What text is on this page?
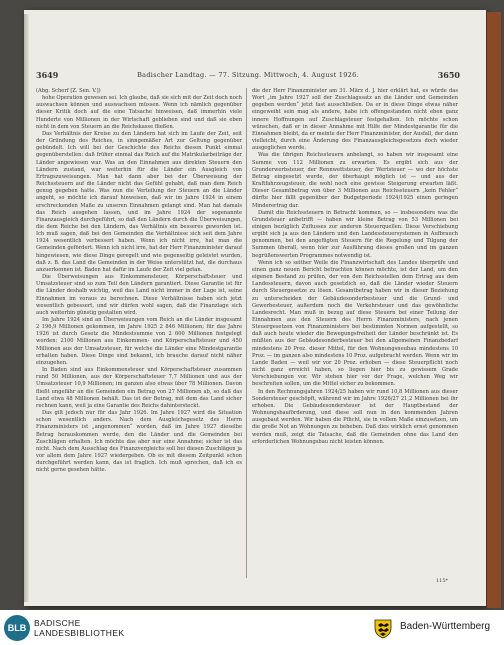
3649	Badischer Landtag. — 77. Sitzung. Mittwoch, 4. August 1926.	3650

(Abg. Scherf [Z. Sen. V.])

hohe Operation gewesen sei. Ich glaube, daß sie sich mit der Zeit doch noch auswachsen können und auswachsen müssen. Wenn ich nämlich gegenüber dieser Kritik doch auf die eine Tatsache hinweisen, daß immerhin viele Hunderte von Millionen in der Wirtschaft geblieben sind und daß sie eben nicht in dem von Steuern an die Reichskasse fließen.

Das Verhältnis der Kreise zu den Ländern hat sich im Laufe der Zeit, seit der Gründung des Reiches, in sinngemäßer Art zur Geltung gegenüber gebündelt. Ich will bei der Geschichte des Reichs diesen Punkt einmal gegenüberstellen: daß früher einmal das Reich auf die Matrikularbeiträge der Länder angewiesen war. Was an den Einnahmen aus direkten Steuern den Ländern zustand, war weiterhin für die Länder ein Ausgleich von Ertragszuweisungen. Man hat dann aber bei der Überweisung der Reichssteuern auf die Länder nicht das Gefühl gehabt, daß man dem Reich genug gegeben hatte. Was nun die Verteilung der Steuern an die Länder angeht, so möchte ich darauf hinweisen, daß wir im Jahre 1924 in einem erschreckenden Maße zu unseren Einnahmen gelangt sind. Man hat damals das Reich ausgehen lassen, und im Jahre 1924 der sogenannte Finanzausgleich durchgeführt, so daß den Ländern durch die Überweisungen, die dem Reiche bei den Ländern, das Verhältnis ein besseres geworden ist. Ich muß sagen, daß bei den Gemeinden die Verhältnisse sich seit dem Jahre 1924 wesentlich verbessert haben. Wenn ich nicht irre, hat man die Gemeinden gefördert. Wenn ich nicht irre, hat der Herr Finanzminister darauf hingewiesen, wie diese Dinge geregelt und wie gegenseitig geleistet wurden, daß z. B. das Land die Gemeinden in der Weise unterstützt hat, die durchaus anzuerkennen ist. Baden hat dafür im Laufe der Zeit viel getan.

Die Überweisungen aus Einkommensteuer, Körperschaftsteuer und Umsatzsteuer sind so zum Teil den Ländern garantiert. Diese Garantie ist für die Länder deshalb wichtig, weil das Land nicht immer in der Lage ist, seine Einnahmen im voraus zu berechnen. Diese Verhältnisse haben sich jetzt wesentlich gebessert, und wir dürfen wohl sagen, daß die Finanzlage sich auch weiterhin günstig gestalten wird.

Im Jahre 1924 sind an Überweisungen vom Reich an die Länder insgesamt 2 196,9 Millionen gekommen, im Jahre 1925 2 846 Millionen; für das Jahre 1926 ist durch Gesetz die Mindestsumme von 2 600 Millionen festgelegt worden: 2100 Millionen aus Einkommen- und Körperschaftsteuer und 450 Millionen aus der Umsatzsteuer, für welche die Länder eine Mindestgarantie erhalten haben. Diese Dinge sind bekannt, ich brauche darauf nicht näher einzugehen.

In Baden sind aus Einkommensteuer und Körperschaftsteuer zusammen rund 50 Millionen, aus der Körperschaftsteuer 7,7 Millionen und aus der Umsatzsteuer 10,9 Millionen; im ganzen also etwas über 78 Millionen. Davon fließt ungefähr an die Gemeinden ein Betrag von 27 Millionen ab, so daß das Land etwa 48 Millionen behält. Das ist der Betrag, mit dem das Land sicher rechnen kann, weil ja eine Garantie des Reichs dahintersteckt.

Das gilt jedoch nur für das Jahr 1926. Im Jahre 1927 wird die Situation schon wesentlich anders. Nach dem Ausgleichsgesetz des Herrn Finanzministers ist „angenommen“ worden, daß im Jahre 1927 dieselbe Betrag herauskommen werde, den die Länder und die Gemeinden bei Zuschlägen erhalten. Ich möchte das aber nur eine Annahme; sicher ist das nicht. Nach dem Ausschlag des Finanzvergleichs soll bei diesen Zuschlägen ja vor allem dem Jahre 1927 wiedergeben. Ob es mit diesem Zeitpunkt schon durchgeführt werden kann, das ist fraglich. Ich muß sprechen, daß ich es nicht gerne gesehen hätte.

die der Herr Finanzminister am 31. März d. J. hier erklärt hat, es würde das Wort „im Jahre 1927 soll der Zuschlagssatz an die Länder und Gemeinden gegeben werden“ jetzt fast ausschließen. Da er in diese Dinge etwas näher eingeweiht sein mag als andere, habe ich offengestanden nicht eben ganz innere Hoffnungen auf Zuschlagsteuer festgehalten. Ich möchte schon wünschen, daß er in dieser Annahme mit Hilfe der Mindestgarantie für die Einnahmen bleibt, da er meinte der Herr Finanzminister, der Ausfall, der dann vielleicht, durch eine Änderung des Finanzausgleichsgesetzes doch wieder ausgeglichen werde.

Was die übrigen Reichssteuern anbelangt, so haben wir insgesamt eine Summe von 112 Millionen zu erwarten. Es ergibt sich aus der Grunderwerbsteuer, der Rennwettsteuer, der Wertsteuer — wo der höchste Betrag eingesetzt wurde, der überhaupt möglich ist — und aus der Kraftfahrzeugsteuer, die wohl noch eine gewisse Steigerung erwarten läßt. Dieser Gesamtbetrag von über 3 Millionen aus Reichssteuern „kein Fehler“ dürfte hier fällt gegenüber der Budgetperiode 1924/1925 einen geringen Minderertrag dar.

Damit die Reichssteuern in Betracht kommen, so — insbesondere was die Grundsteuer anbetrifft — haben wir kleine Betrag von 53 Millionen bei einigen bezüglich Zuflusses zur anderen Steuerquellen. Diese Verschiebung ergibt sich ja aus den Ländern und den Landessteuersystemen in Aufbrauch genommen, bei den angefügten Steuern für die Regelung und Tilgung der Summen überall, wenn hier zur Ausführung dieses großen und im ganzen begrüßenswerten Programmes notwendig ist.

Wenn ich so seither Weile die Finanzwirtschaft des Landes überprüfe und einen ganz neuen Bericht betrachten können möchte, ist der Land, um den eigenen Bestand zu prüfen, der von den Reichsstellen dem Ertrag aus dem Landessteuern, davon auch gesetzlich so, daß die Länder wieder Steuern durch Steuergesetze zu lösen. Gesamtbetrag haben wir in dieser Beziehung zu unterscheiden der Gebäudesonderbesteuer und die Grund- und Gewerbesteuer, außerdem noch die Verkehrsteuer und das gewöhnliche Landesrecht. Man muß in bezug auf diese Steuern bei einer Teilung der Einnahmen aus den Steuern des Herrn Finanzministers, nach jenen Steuergesetzen von Finanzministers bei bestimmten Normen aufgestellt, so daß auch heute wieder die Bewegungsfreiheit der Länder beschränkt ist. Es müßten aus der Gebäudesonderbesteuer bei den allgemeinen Finanzbedarf mindestens 20 Proz. dieser Mittel, für den Wohnungsneubau mindestens 10 Proz. — im ganzen also mindestens 10 Proz. aufgebracht werden. Wenn wir im Lande Baden — weil wir vor 20 Proz. erhoben — diese Steuerpflicht noch nicht ganz erreicht haben, so liegen hier bis zu gewissem Grade Verschiebungen vor. Wir stehen hier vor der Frage, welchen Weg wir beschreiten sollen, um die Mittel sicher zu bekommen.

In den Rechnungsjahren 1924/25 haben wir rund 10,8 Millionen aus dieser Sondersteuer geschöpft, während wir im Jahre 1926/27 21,2 Millionen bei ihr erhoben. Die Gebäudesondersteuer ist der Hauptbestand der Wohnungsbauförderung, und diese soll nun in den kommenden Jahren ausgebaut werden. Wir haben die Pflicht, sie in vollem Maße einzusetzen, um die große Not an Wohnungen zu beheben. Daß dies wirklich ernst genommen werden muß, zeigt die Tatsache, daß die Gemeinden ohne das Land den erforderlichen Wohnungsbau nicht leisten können.

115*
BLB BADISCHE
LANDESBIBLIOTHEK
Baden-Württemberg
